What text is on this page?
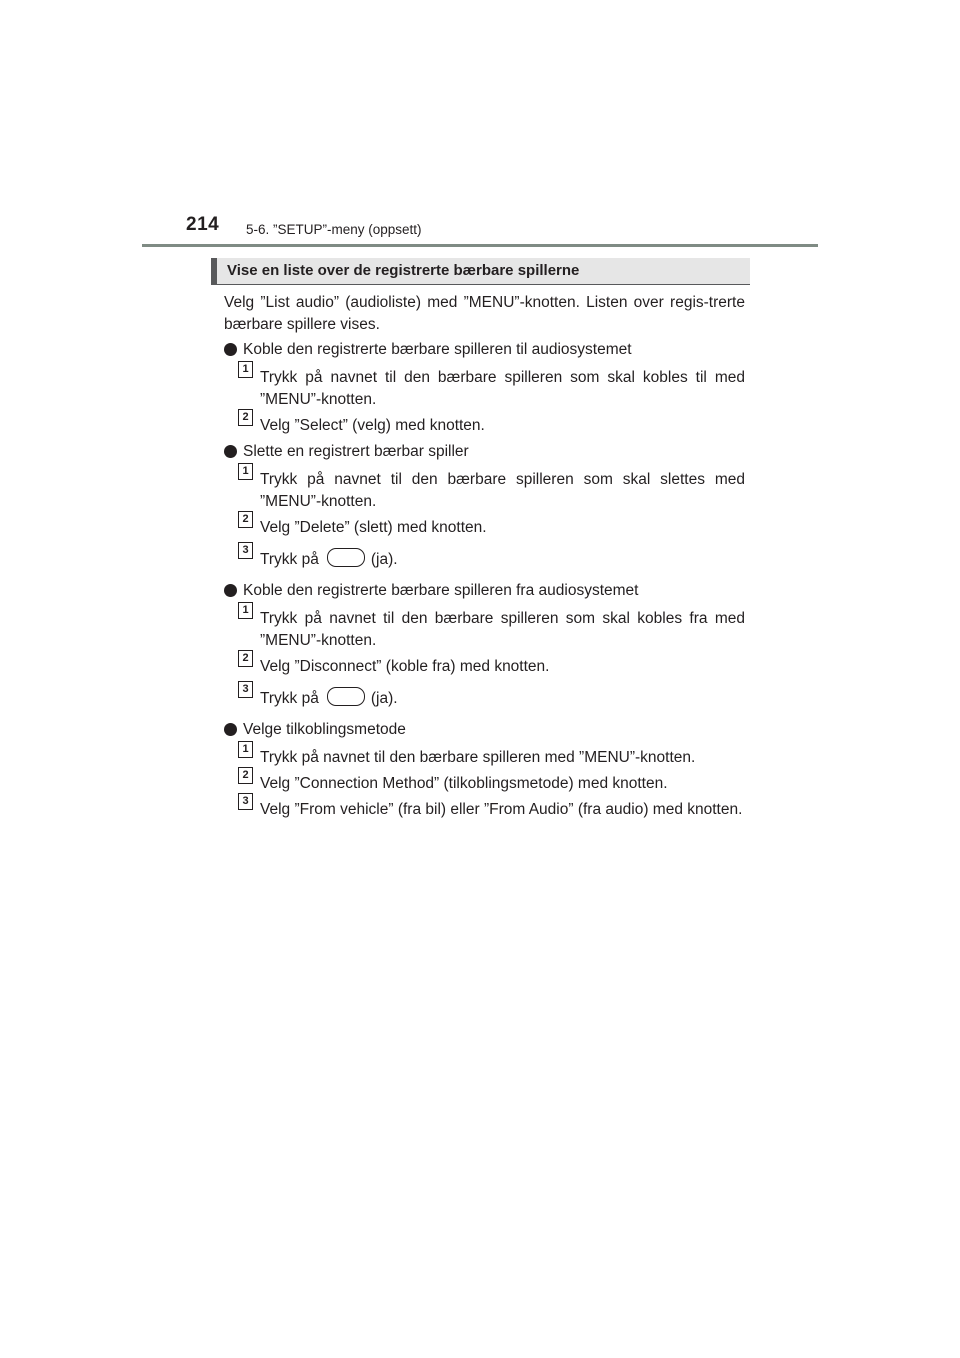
214 5-6. ”SETUP”-meny (oppsett)
Vise en liste over de registrerte bærbare spillerne

Velg ”List audio” (audioliste) med ”MENU”-knotten. Listen over regis-trerte bærbare spillere vises.

Koble den registrerte bærbare spilleren til audiosystemet
1 Trykk på navnet til den bærbare spilleren som skal kobles til med ”MENU”-knotten.
2 Velg ”Select” (velg) med knotten.
Slette en registrert bærbar spiller
1 Trykk på navnet til den bærbare spilleren som skal slettes med ”MENU”-knotten.
2 Velg ”Delete” (slett) med knotten.
3
Trykk på	(ja).
Koble den registrerte bærbare spilleren fra audiosystemet
1 Trykk på navnet til den bærbare spilleren som skal kobles fra med ”MENU”-knotten.
2 Velg ”Disconnect” (koble fra) med knotten.
3
Trykk på	(ja).
Velge tilkoblingsmetode
1 Trykk på navnet til den bærbare spilleren med ”MENU”-knotten.
2 Velg ”Connection Method” (tilkoblingsmetode) med knotten.
3 Velg ”From vehicle” (fra bil) eller ”From Audio” (fra audio) med knotten.
